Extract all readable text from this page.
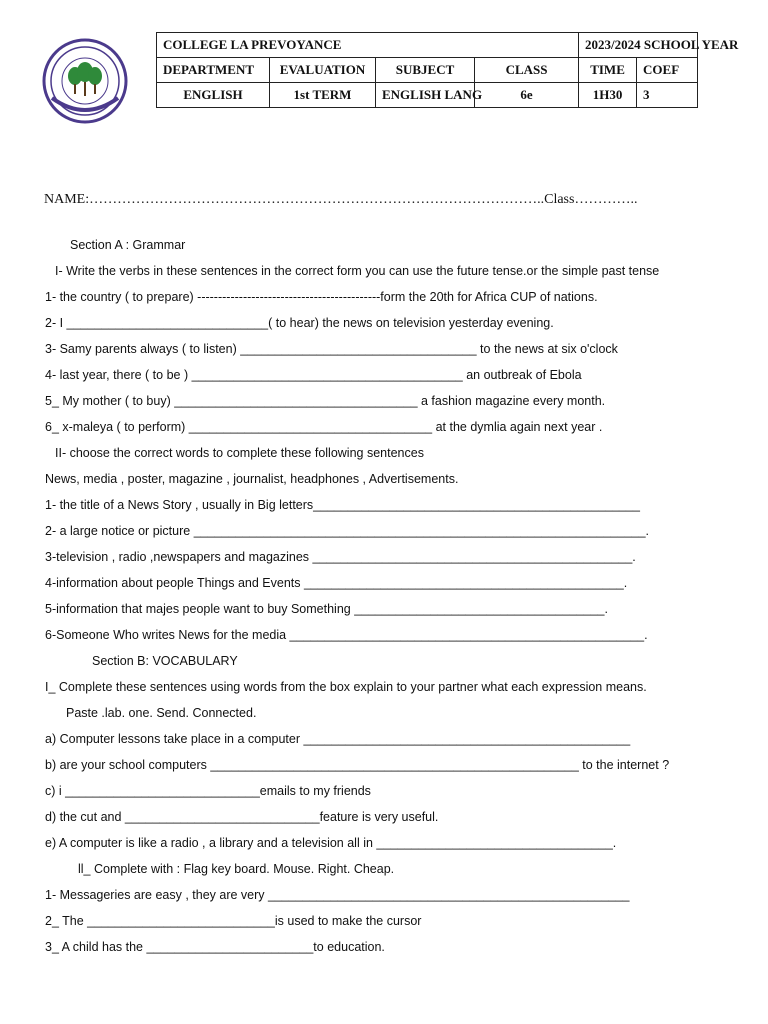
COLLEGE LA PREVOYANCE				2023/2024 SCHOOL YEAR	
DEPARTMENT	EVALUATION	SUBJECT	CLASS	TIME	COEF
ENGLISH	1st TERM	ENGLISH LANG	6e	1H30	3
NAME:……………………………………………………………………………………..Class…………..
Section A : Grammar
I- Write the verbs in these sentences in the correct form you can use the future tense.or the simple past tense
1- the country ( to prepare) --------------------------------------------form the 20th for Africa CUP of nations.
2- I _____________________________( to hear) the news on television yesterday evening.
3- Samy parents always ( to listen) __________________________________ to the news at six o'clock
4- last year, there ( to be ) _______________________________________ an outbreak of Ebola
5_ My mother ( to buy) ___________________________________ a fashion magazine every month.
6_ x-maleya ( to perform) ___________________________________ at the dymlia again next year .
II- choose the correct words to complete these following sentences
News, media , poster, magazine , journalist, headphones , Advertisements.
1- the title of a News Story , usually in Big letters_______________________________________________
2- a large notice or picture _________________________________________________________________.
3-television , radio ,newspapers and magazines ______________________________________________.
4-information about people Things and Events ______________________________________________.
5-information that majes people want to buy Something ____________________________________.
6-Someone Who writes News for the media ___________________________________________________.
Section B: VOCABULARY
I_ Complete these sentences using words from the box explain to your partner what each expression means.
Paste .lab. one. Send. Connected.
a) Computer lessons take place in a computer _______________________________________________
b) are your school computers _____________________________________________________ to the internet ?
c) i ____________________________emails to my friends
d) the cut and ____________________________feature is very useful.
e) A computer is like a radio , a library and a television all in __________________________________.
ll_ Complete with : Flag key board. Mouse. Right. Cheap.
1- Messageries are easy , they are very ____________________________________________________
2_ The ___________________________is used to make the cursor
3_ A child has the ________________________to education.
